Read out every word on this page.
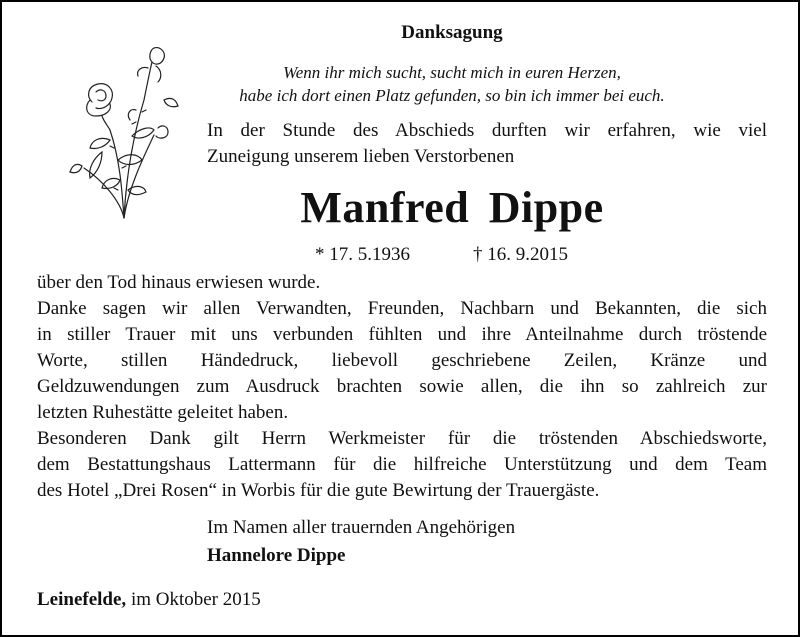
Danksagung
Wenn ihr mich sucht, sucht mich in euren Herzen,
habe ich dort einen Platz gefunden, so bin ich immer bei euch.
In der Stunde des Abschieds durften wir erfahren, wie viel
Zuneigung unserem lieben Verstorbenen
Manfred Dippe
* 17. 5.1936	† 16. 9.2015
über den Tod hinaus erwiesen wurde.
Danke sagen wir allen Verwandten, Freunden, Nachbarn und Bekannten, die sich
in stiller Trauer mit uns verbunden fühlten und ihre Anteilnahme durch tröstende
Worte, stillen Händedruck, liebevoll geschriebene Zeilen, Kränze und
Geldzuwendungen zum Ausdruck brachten sowie allen, die ihn so zahlreich zur
letzten Ruhestätte geleitet haben.
Besonderen Dank gilt Herrn Werkmeister für die tröstenden Abschiedsworte,
dem Bestattungshaus Lattermann für die hilfreiche Unterstützung und dem Team
des Hotel „Drei Rosen“ in Worbis für die gute Bewirtung der Trauergäste.
Im Namen aller trauernden Angehörigen
Hannelore Dippe
Leinefelde, im Oktober 2015
